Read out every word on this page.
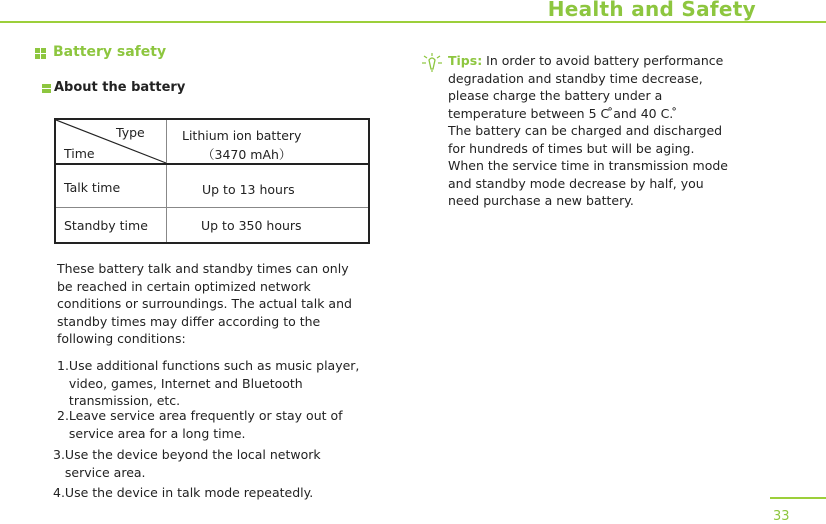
Health and Safety
Battery safety
About the battery
Type
Time
Lithium ion battery
（3470 mAh）
Talk time	Up to 13 hours
Standby time	Up to 350 hours
These battery talk and standby times can only
be reached in certain optimized network
conditions or surroundings. The actual talk and
standby times may differ according to the
following conditions:
1.Use additional functions such as music player,
video, games, Internet and Bluetooth
transmission, etc.
2.Leave service area frequently or stay out of
service area for a long time.
3.Use the device beyond the local network
service area.
4.Use the device in talk mode repeatedly.
Tips: In order to avoid battery performance
degradation and standby time decrease,
please charge the battery under a
temperature between 5 C ̊and 40 C. ̊
The battery can be charged and discharged
for hundreds of times but will be aging.
When the service time in transmission mode
and standby mode decrease by half, you
need purchase a new battery.
33
